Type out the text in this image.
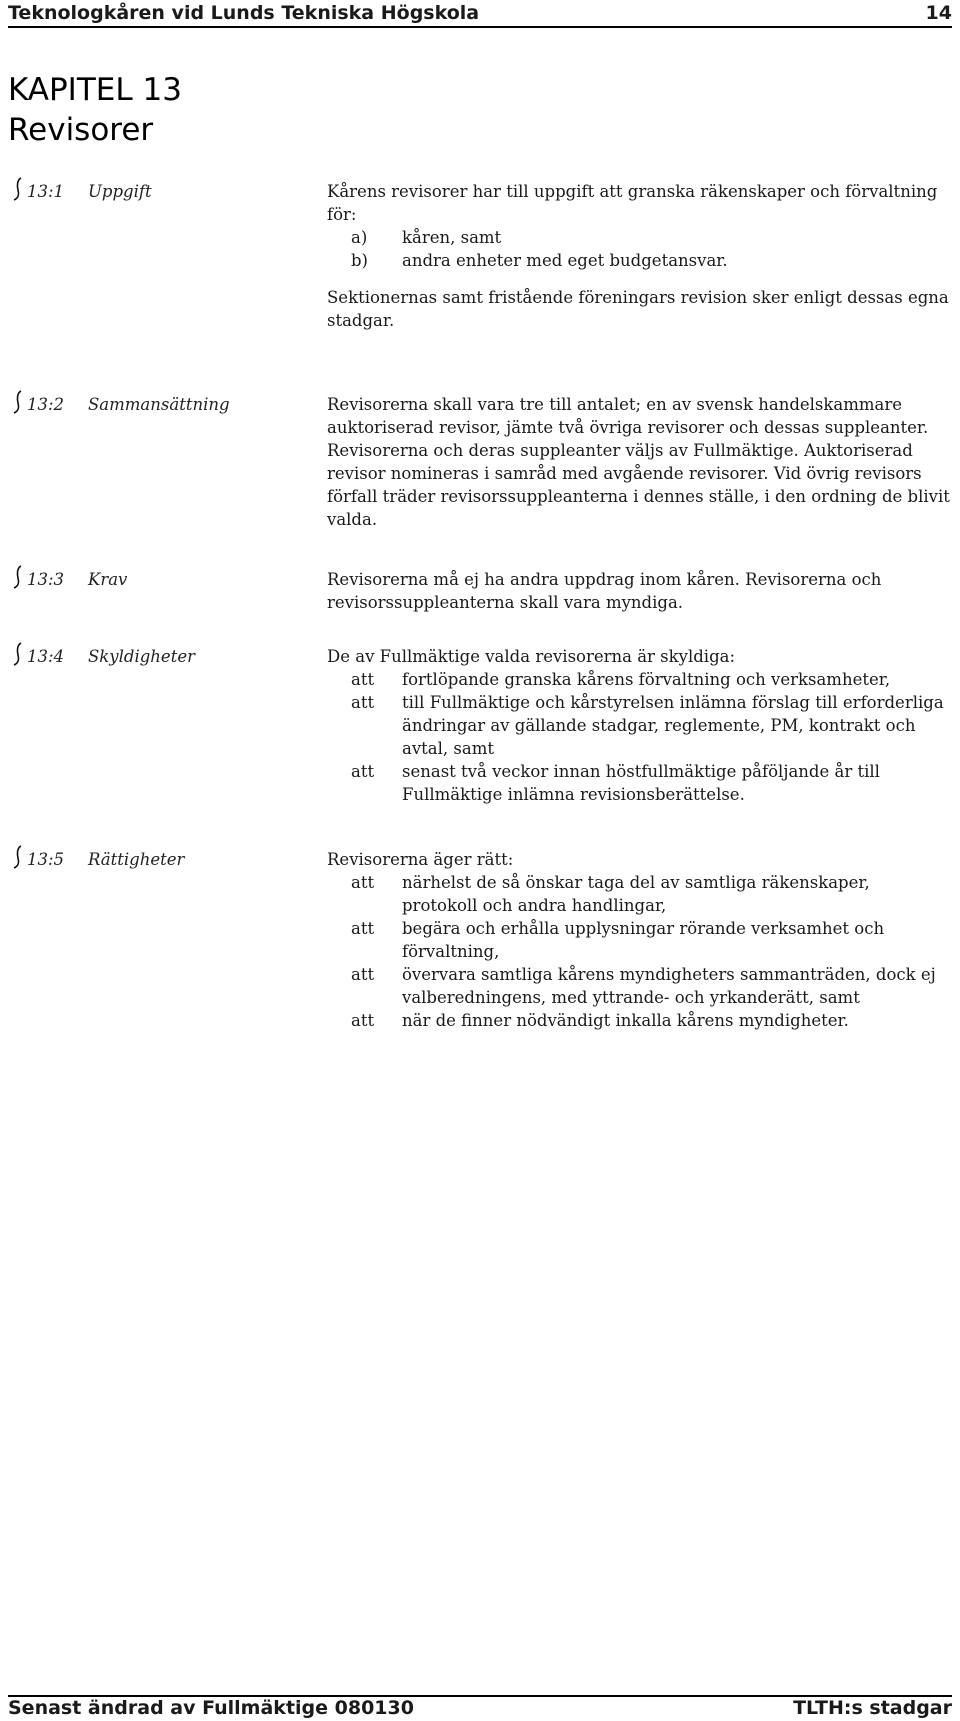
Teknologkåren vid Lunds Tekniska Högskola	14
KAPITEL 13
Revisorer
13:1 Uppgift	Kårens revisorer har till uppgift att granska räkenskaper och förvaltning för:

a) kåren, samt
b) andra enheter med eget budgetansvar.

Sektionernas samt fristående föreningars revision sker enligt dessas egna stadgar.

13:2 Sammansättning	Revisorerna skall vara tre till antalet; en av svensk handelskammare auktoriserad revisor, jämte två övriga revisorer och dessas suppleanter. Revisorerna och deras suppleanter väljs av Fullmäktige. Auktoriserad revisor nomineras i samråd med avgående revisorer. Vid övrig revisors förfall träder revisorssuppleanterna i dennes ställe, i den ordning de blivit valda.

13:3 Krav	Revisorerna må ej ha andra uppdrag inom kåren. Revisorerna och revisorssuppleanterna skall vara myndiga.

13:4 Skyldigheter	De av Fullmäktige valda revisorerna är skyldiga:

att fortlöpande granska kårens förvaltning och verksamheter,
att till Fullmäktige och kårstyrelsen inlämna förslag till erforderliga ändringar av gällande stadgar, reglemente, PM, kontrakt och avtal, samt
att senast två veckor innan höstfullmäktige påföljande år till Fullmäktige inlämna revisionsberättelse.
13:5 Rättigheter	Revisorerna äger rätt:

att närhelst de så önskar taga del av samtliga räkenskaper, protokoll och andra handlingar,
att begära och erhålla upplysningar rörande verksamhet och förvaltning,
att övervara samtliga kårens myndigheters sammanträden, dock ej valberedningens, med yttrande- och yrkanderätt, samt
att när de finner nödvändigt inkalla kårens myndigheter.
Senast ändrad av Fullmäktige 080130	TLTH:s stadgar
